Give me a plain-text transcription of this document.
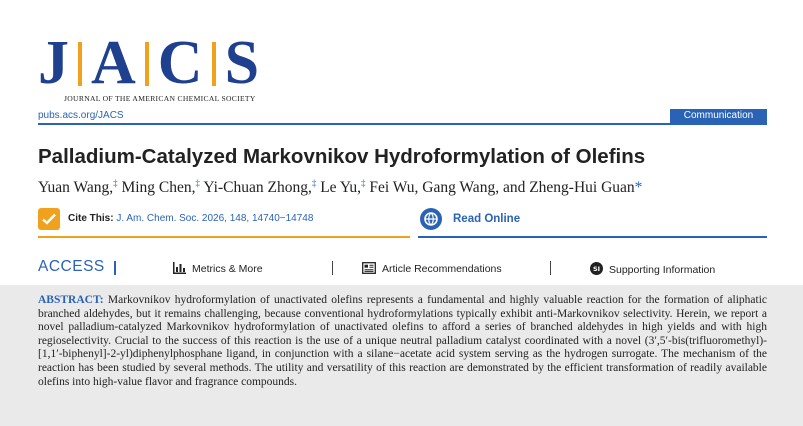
J A C S
JOURNAL OF THE AMERICAN CHEMICAL SOCIETY
pubs.acs.org/JACS	Communication
Palladium-Catalyzed Markovnikov Hydroformylation of Olefins
Yuan Wang,‡ Ming Chen,‡ Yi-Chuan Zhong,‡ Le Yu,‡ Fei Wu, Gang Wang, and Zheng-Hui Guan*
Cite This: J. Am. Chem. Soc. 2026, 148, 14740−14748	Read Online
ACCESS	Metrics & More	Article Recommendations	SI Supporting Information
ABSTRACT: Markovnikov hydroformylation of unactivated olefins represents a fundamental and highly valuable reaction for the formation of aliphatic branched aldehydes, but it remains challenging, because conventional hydroformylations typically exhibit anti-Markovnikov selectivity. Herein, we report a novel palladium-catalyzed Markovnikov hydroformylation of unactivated olefins to afford a series of branched aldehydes in high yields and with high regioselectivity. Crucial to the success of this reaction is the use of a unique neutral palladium catalyst coordinated with a novel (3′,5′-bis(trifluoromethyl)-[1,1′-biphenyl]-2-yl)diphenylphosphane ligand, in conjunction with a silane−acetate acid system serving as the hydrogen surrogate. The mechanism of the reaction has been studied by several methods. The utility and versatility of this reaction are demonstrated by the efficient transformation of readily available olefins into high-value flavor and fragrance compounds.
